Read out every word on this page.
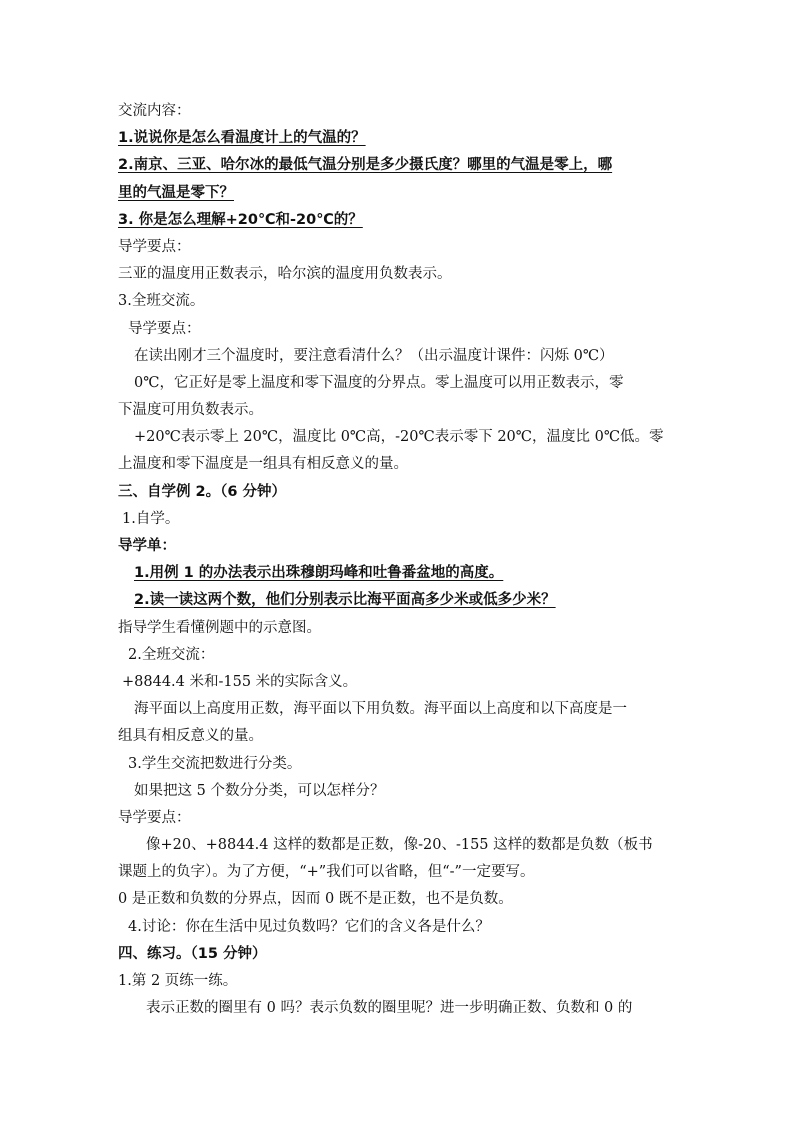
交流内容：
1.说说你是怎么看温度计上的气温的？
2.南京、三亚、哈尔冰的最低气温分别是多少摄氏度？哪里的气温是零上，哪
里的气温是零下？
3. 你是怎么理解+20℃和-20℃的？
导学要点：
三亚的温度用正数表示，哈尔滨的温度用负数表示。
3.全班交流。
导学要点：
在读出刚才三个温度时，要注意看清什么？（出示温度计课件：闪烁 0℃）
0℃，它正好是零上温度和零下温度的分界点。零上温度可以用正数表示，零
下温度可用负数表示。
+20℃表示零上 20℃，温度比 0℃高，-20℃表示零下 20℃，温度比 0℃低。零
上温度和零下温度是一组具有相反意义的量。
三、自学例 2。（6 分钟）
1.自学。
导学单：
1.用例 1 的办法表示出珠穆朗玛峰和吐鲁番盆地的高度。
2.读一读这两个数，他们分别表示比海平面高多少米或低多少米？
指导学生看懂例题中的示意图。
2.全班交流：
+8844.4 米和-155 米的实际含义。
海平面以上高度用正数，海平面以下用负数。海平面以上高度和以下高度是一
组具有相反意义的量。
3.学生交流把数进行分类。
如果把这 5 个数分分类，可以怎样分？
导学要点：
像+20、+8844.4 这样的数都是正数，像-20、-155 这样的数都是负数（板书
课题上的负字）。为了方便，“+”我们可以省略，但“-”一定要写。
0 是正数和负数的分界点，因而 0 既不是正数，也不是负数。
4.讨论：你在生活中见过负数吗？它们的含义各是什么？
四、练习。（15 分钟）
1.第 2 页练一练。
表示正数的圈里有 0 吗？表示负数的圈里呢？进一步明确正数、负数和 0 的
